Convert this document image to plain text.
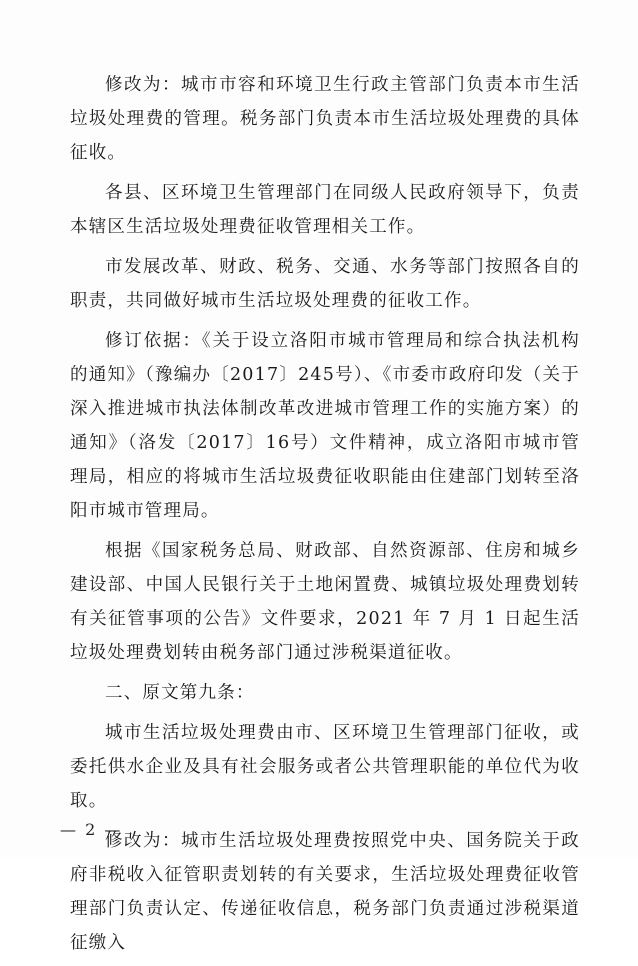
修改为：城市市容和环境卫生行政主管部门负责本市生活垃圾处理费的管理。税务部门负责本市生活垃圾处理费的具体征收。

各县、区环境卫生管理部门在同级人民政府领导下，负责本辖区生活垃圾处理费征收管理相关工作。

市发展改革、财政、税务、交通、水务等部门按照各自的职责，共同做好城市生活垃圾处理费的征收工作。

修订依据：《关于设立洛阳市城市管理局和综合执法机构的通知》（豫编办〔2017〕245号）、《市委市政府印发（关于深入推进城市执法体制改革改进城市管理工作的实施方案）的通知》（洛发〔2017〕16号）文件精神，成立洛阳市城市管理局，相应的将城市生活垃圾费征收职能由住建部门划转至洛阳市城市管理局。

根据《国家税务总局、财政部、自然资源部、住房和城乡建设部、中国人民银行关于土地闲置费、城镇垃圾处理费划转有关征管事项的公告》文件要求，2021 年 7 月 1 日起生活垃圾处理费划转由税务部门通过涉税渠道征收。

二、原文第九条：

城市生活垃圾处理费由市、区环境卫生管理部门征收，或委托供水企业及具有社会服务或者公共管理职能的单位代为收取。

修改为：城市生活垃圾处理费按照党中央、国务院关于政府非税收入征管职责划转的有关要求，生活垃圾处理费征收管理部门负责认定、传递征收信息，税务部门负责通过涉税渠道征缴入

— 2 —
